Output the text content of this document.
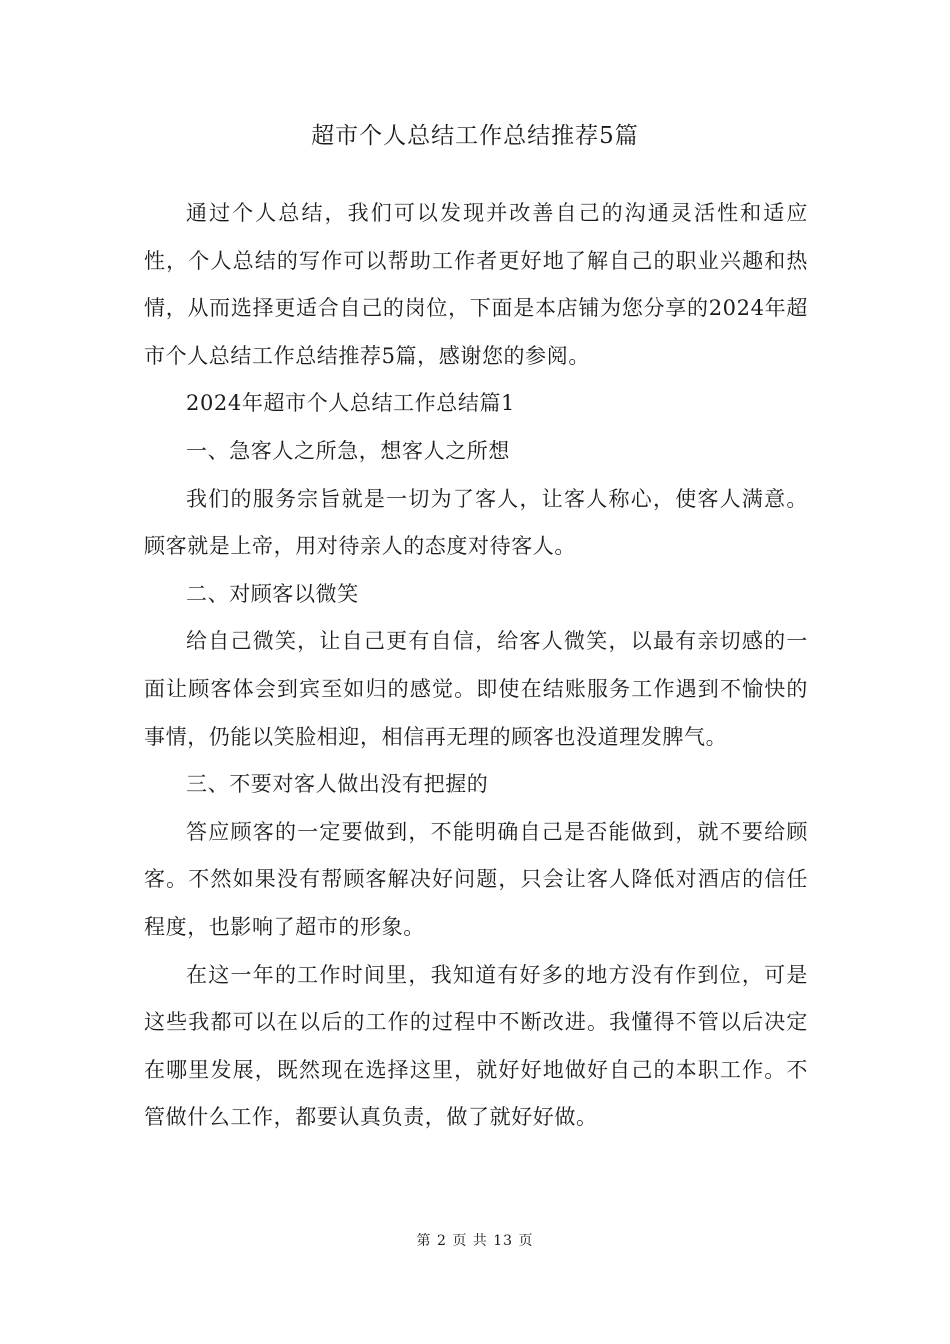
超市个人总结工作总结推荐5篇

通过个人总结，我们可以发现并改善自己的沟通灵活性和适应性，个人总结的写作可以帮助工作者更好地了解自己的职业兴趣和热情，从而选择更适合自己的岗位，下面是本店铺为您分享的2024年超市个人总结工作总结推荐5篇，感谢您的参阅。

2024年超市个人总结工作总结篇1

一、急客人之所急，想客人之所想

我们的服务宗旨就是一切为了客人，让客人称心，使客人满意。顾客就是上帝，用对待亲人的态度对待客人。

二、对顾客以微笑

给自己微笑，让自己更有自信，给客人微笑，以最有亲切感的一面让顾客体会到宾至如归的感觉。即使在结账服务工作遇到不愉快的事情，仍能以笑脸相迎，相信再无理的顾客也没道理发脾气。

三、不要对客人做出没有把握的

答应顾客的一定要做到，不能明确自己是否能做到，就不要给顾客。不然如果没有帮顾客解决好问题，只会让客人降低对酒店的信任程度，也影响了超市的形象。

在这一年的工作时间里，我知道有好多的地方没有作到位，可是这些我都可以在以后的工作的过程中不断改进。我懂得不管以后决定在哪里发展，既然现在选择这里，就好好地做好自己的本职工作。不管做什么工作，都要认真负责，做了就好好做。

第 2 页 共 13 页
